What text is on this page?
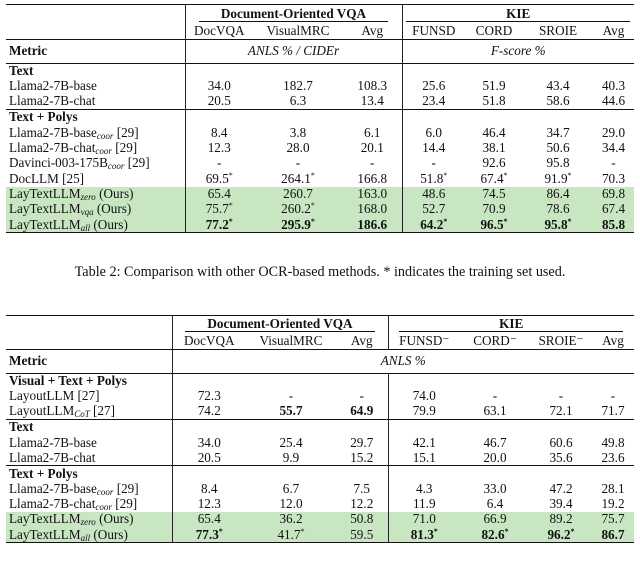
	Document-Oriented VQA			KIE			
	DocVQA	VisualMRC	Avg	FUNSD	CORD	SROIE	Avg
Metric	ANLS % / CIDEr			F-score %			
Text							
Llama2-7B-base	34.0	182.7	108.3	25.6	51.9	43.4	40.3
Llama2-7B-chat	20.5	6.3	13.4	23.4	51.8	58.6	44.6
Text + Polys							
Llama2-7B-base$_{coor}$ [29]	8.4	3.8	6.1	6.0	46.4	34.7	29.0
Llama2-7B-chat$_{coor}$ [29]	12.3	28.0	20.1	14.4	38.1	50.6	34.4
Davinci-$003-175B_{coor}$ [29]	-	-	-	-	92.6	95.8	-
DocLLM [25]	69.5*	264.1*	166.8	51.8*	67.4*	91.9*	70.3
LayTextLLM$_{zero}$ (Ours)	65.4	260.7	163.0	48.6	74.5	86.4	69.8
LayTextLLM$_{vqa}$ (Ours)	75.7*	260.2*	168.0	52.7	70.9	78.6	67.4
LayTextLLM$_{all}$ (Ours)	77.2*	295.9*	186.6	64.2*	96.5*	95.8*	85.8
Table 2: Comparison with other OCR-based methods. * indicates the training set used.
	Document-Oriented VQA			KIE			
	DocVQA	VisualMRC	Avg	FUNSD⁻	CORD⁻	SROIE⁻	Avg
Metric	ANLS %						
Visual + Text + Polys							
LayoutLLM [27]	72.3	-	-	74.0	-	-	-
LayoutLLM$_{CoT}$ [27]	74.2	55.7	64.9	79.9	63.1	72.1	71.7
Text							
Llama2-7B-base	34.0	25.4	29.7	42.1	46.7	60.6	49.8
Llama2-7B-chat	20.5	9.9	15.2	15.1	20.0	35.6	23.6
Text + Polys							
Llama2-7B-base$_{coor}$ [29]	8.4	6.7	7.5	4.3	33.0	47.2	28.1
Llama2-7B-chat$_{coor}$ [29]	12.3	12.0	12.2	11.9	6.4	39.4	19.2
LayTextLLM$_{zero}$ (Ours)	65.4	36.2	50.8	71.0	66.9	89.2	75.7
LayTextLLM$_{all}$ (Ours)	77.3*	41.7*	59.5	81.3*	82.6*	96.2*	86.7
